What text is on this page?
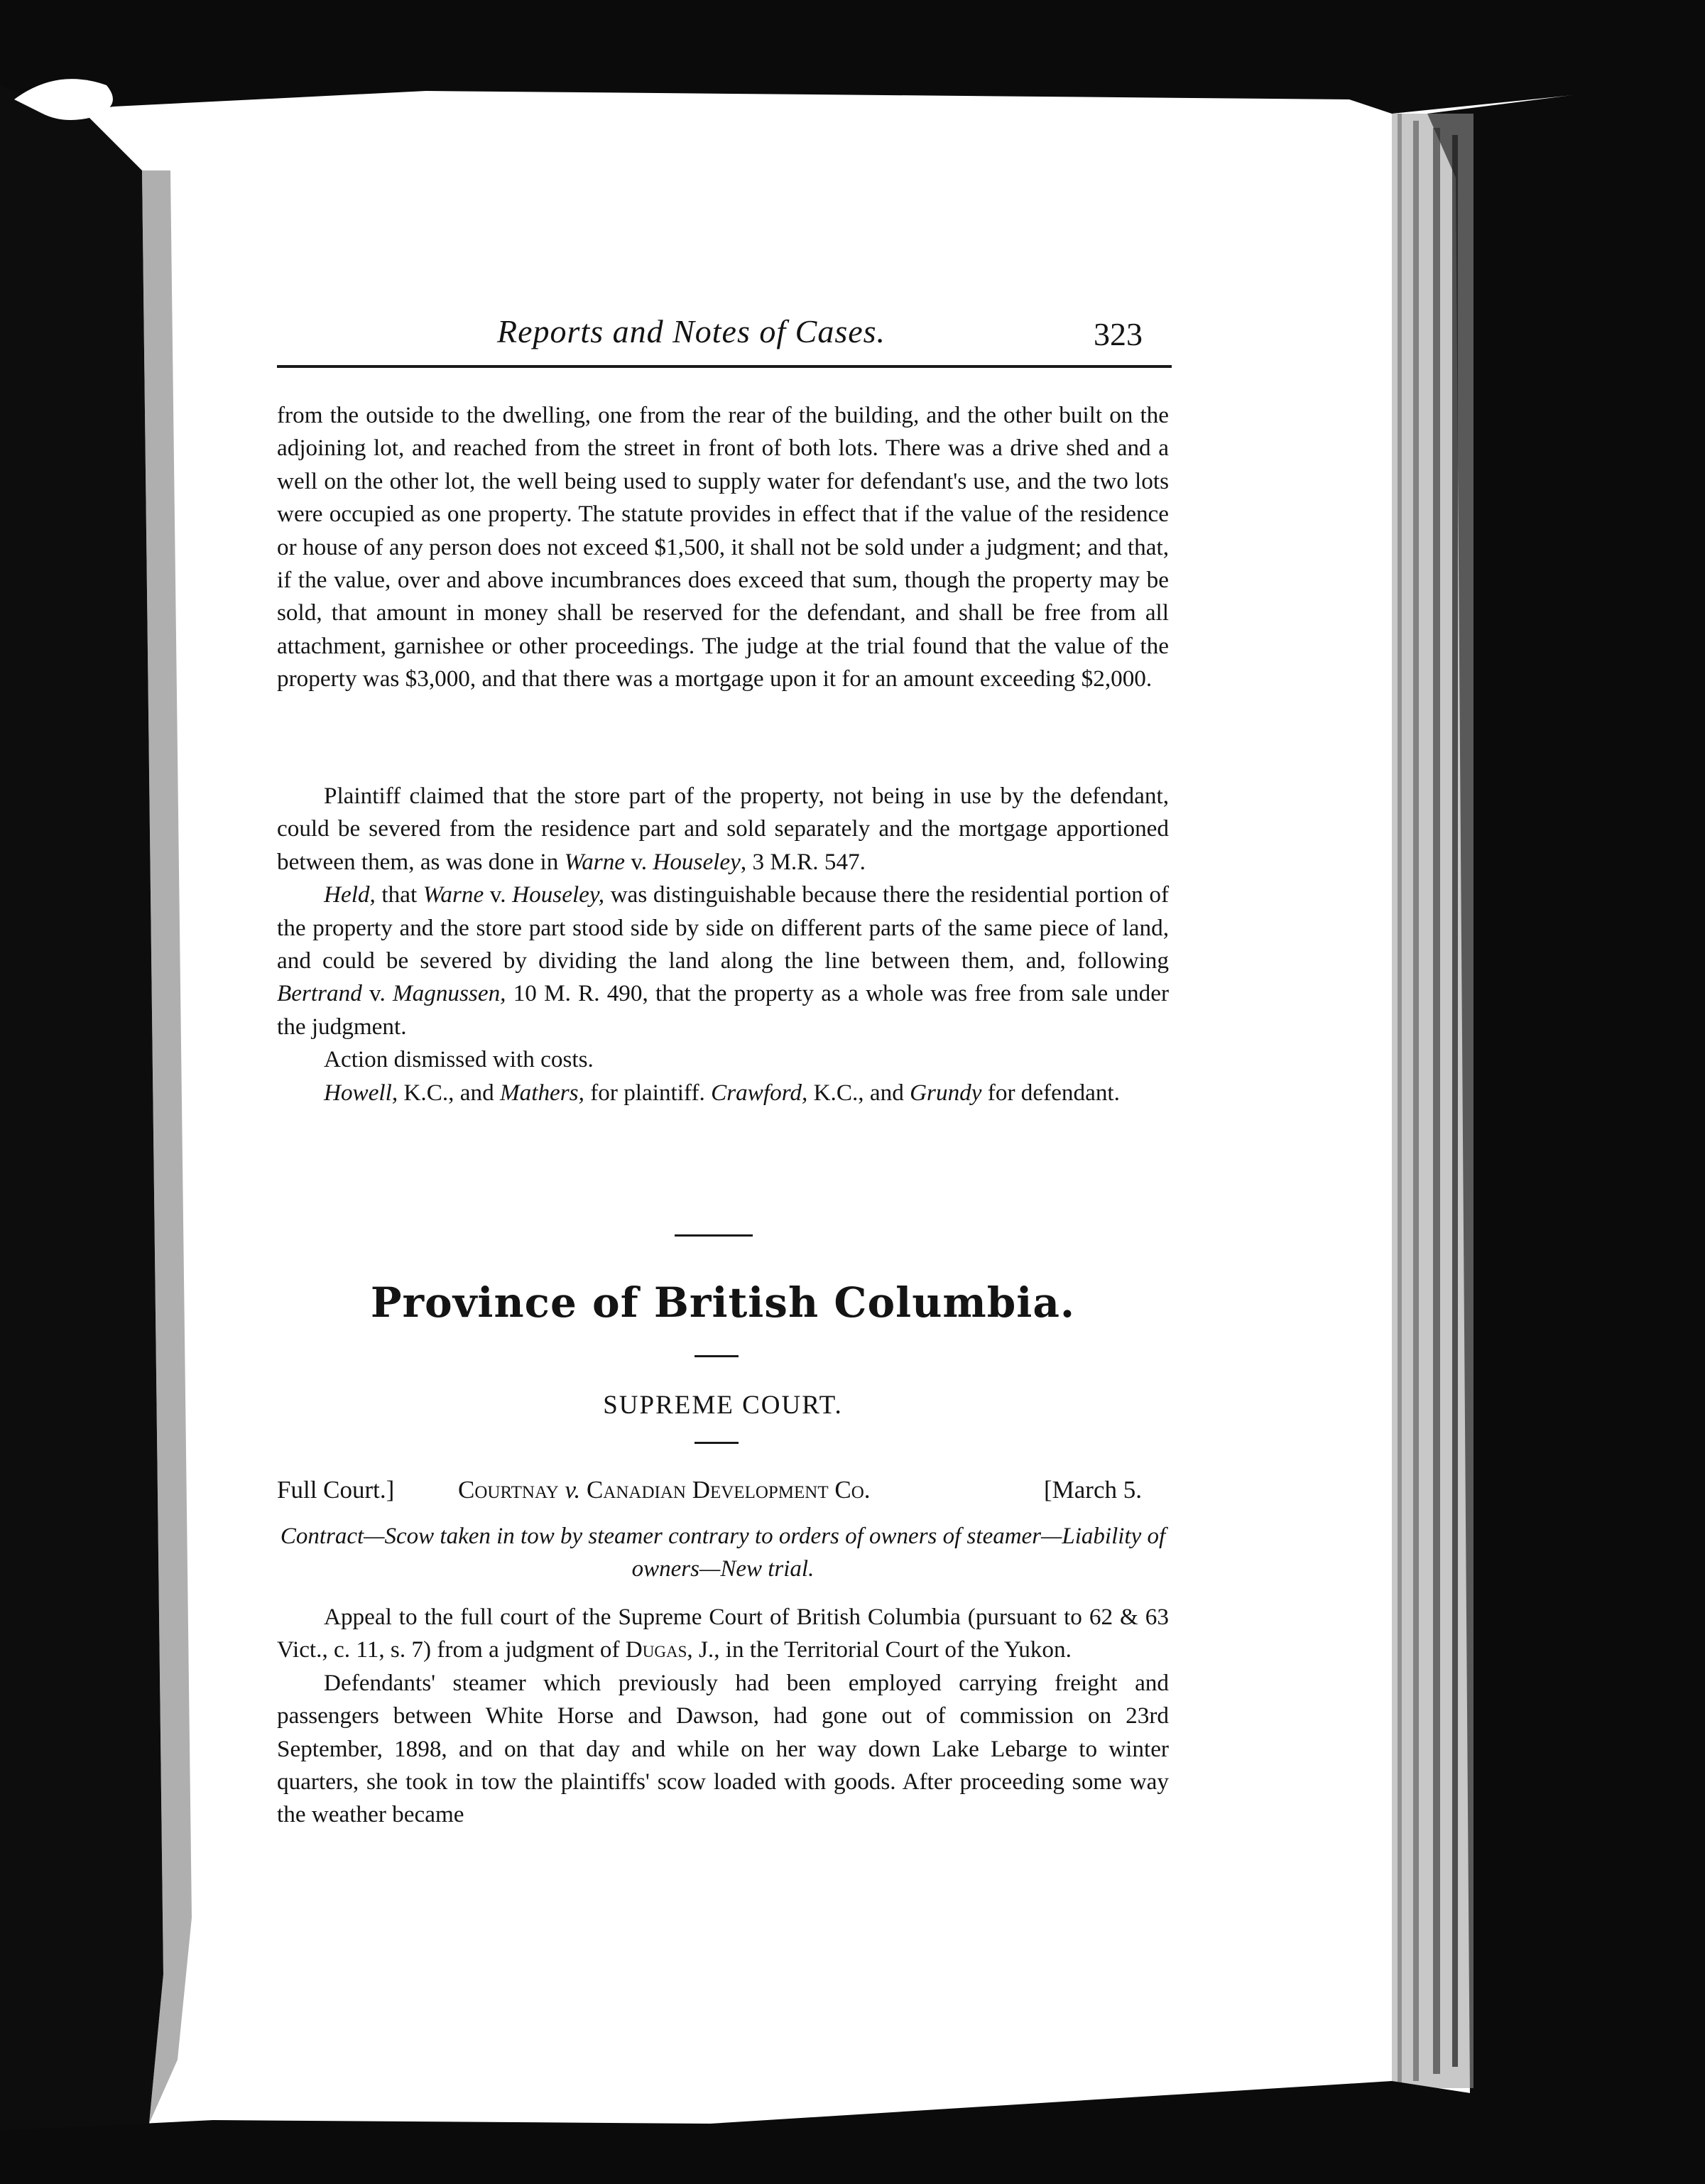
Reports and Notes of Cases.	323

from the outside to the dwelling, one from the rear of the building, and the other built on the adjoining lot, and reached from the street in front of both lots. There was a drive shed and a well on the other lot, the well being used to supply water for defendant's use, and the two lots were occupied as one property. The statute provides in effect that if the value of the residence or house of any person does not exceed $1,500, it shall not be sold under a judgment; and that, if the value, over and above incumbrances does exceed that sum, though the property may be sold, that amount in money shall be reserved for the defendant, and shall be free from all attachment, garnishee or other proceedings. The judge at the trial found that the value of the property was $3,000, and that there was a mortgage upon it for an amount exceeding $2,000.

Plaintiff claimed that the store part of the property, not being in use by the defendant, could be severed from the residence part and sold separately and the mortgage apportioned between them, as was done in Warne v. Houseley, 3 M.R. 547.

Held, that Warne v. Houseley, was distinguishable because there the residential portion of the property and the store part stood side by side on different parts of the same piece of land, and could be severed by dividing the land along the line between them, and, following Bertrand v. Magnussen, 10 M. R. 490, that the property as a whole was free from sale under the judgment.

Action dismissed with costs.

Howell, K.C., and Mathers, for plaintiff. Crawford, K.C., and Grundy for defendant.

Province of British Columbia.
SUPREME COURT.
Full Court.]	Courtnay v. Canadian Development Co.	[March 5.
Contract—Scow taken in tow by steamer contrary to orders of owners of steamer—Liability of owners—New trial.

Appeal to the full court of the Supreme Court of British Columbia (pursuant to 62 & 63 Vict., c. 11, s. 7) from a judgment of Dugas, J., in the Territorial Court of the Yukon.

Defendants' steamer which previously had been employed carrying freight and passengers between White Horse and Dawson, had gone out of commission on 23rd September, 1898, and on that day and while on her way down Lake Lebarge to winter quarters, she took in tow the plaintiffs' scow loaded with goods. After proceeding some way the weather became
